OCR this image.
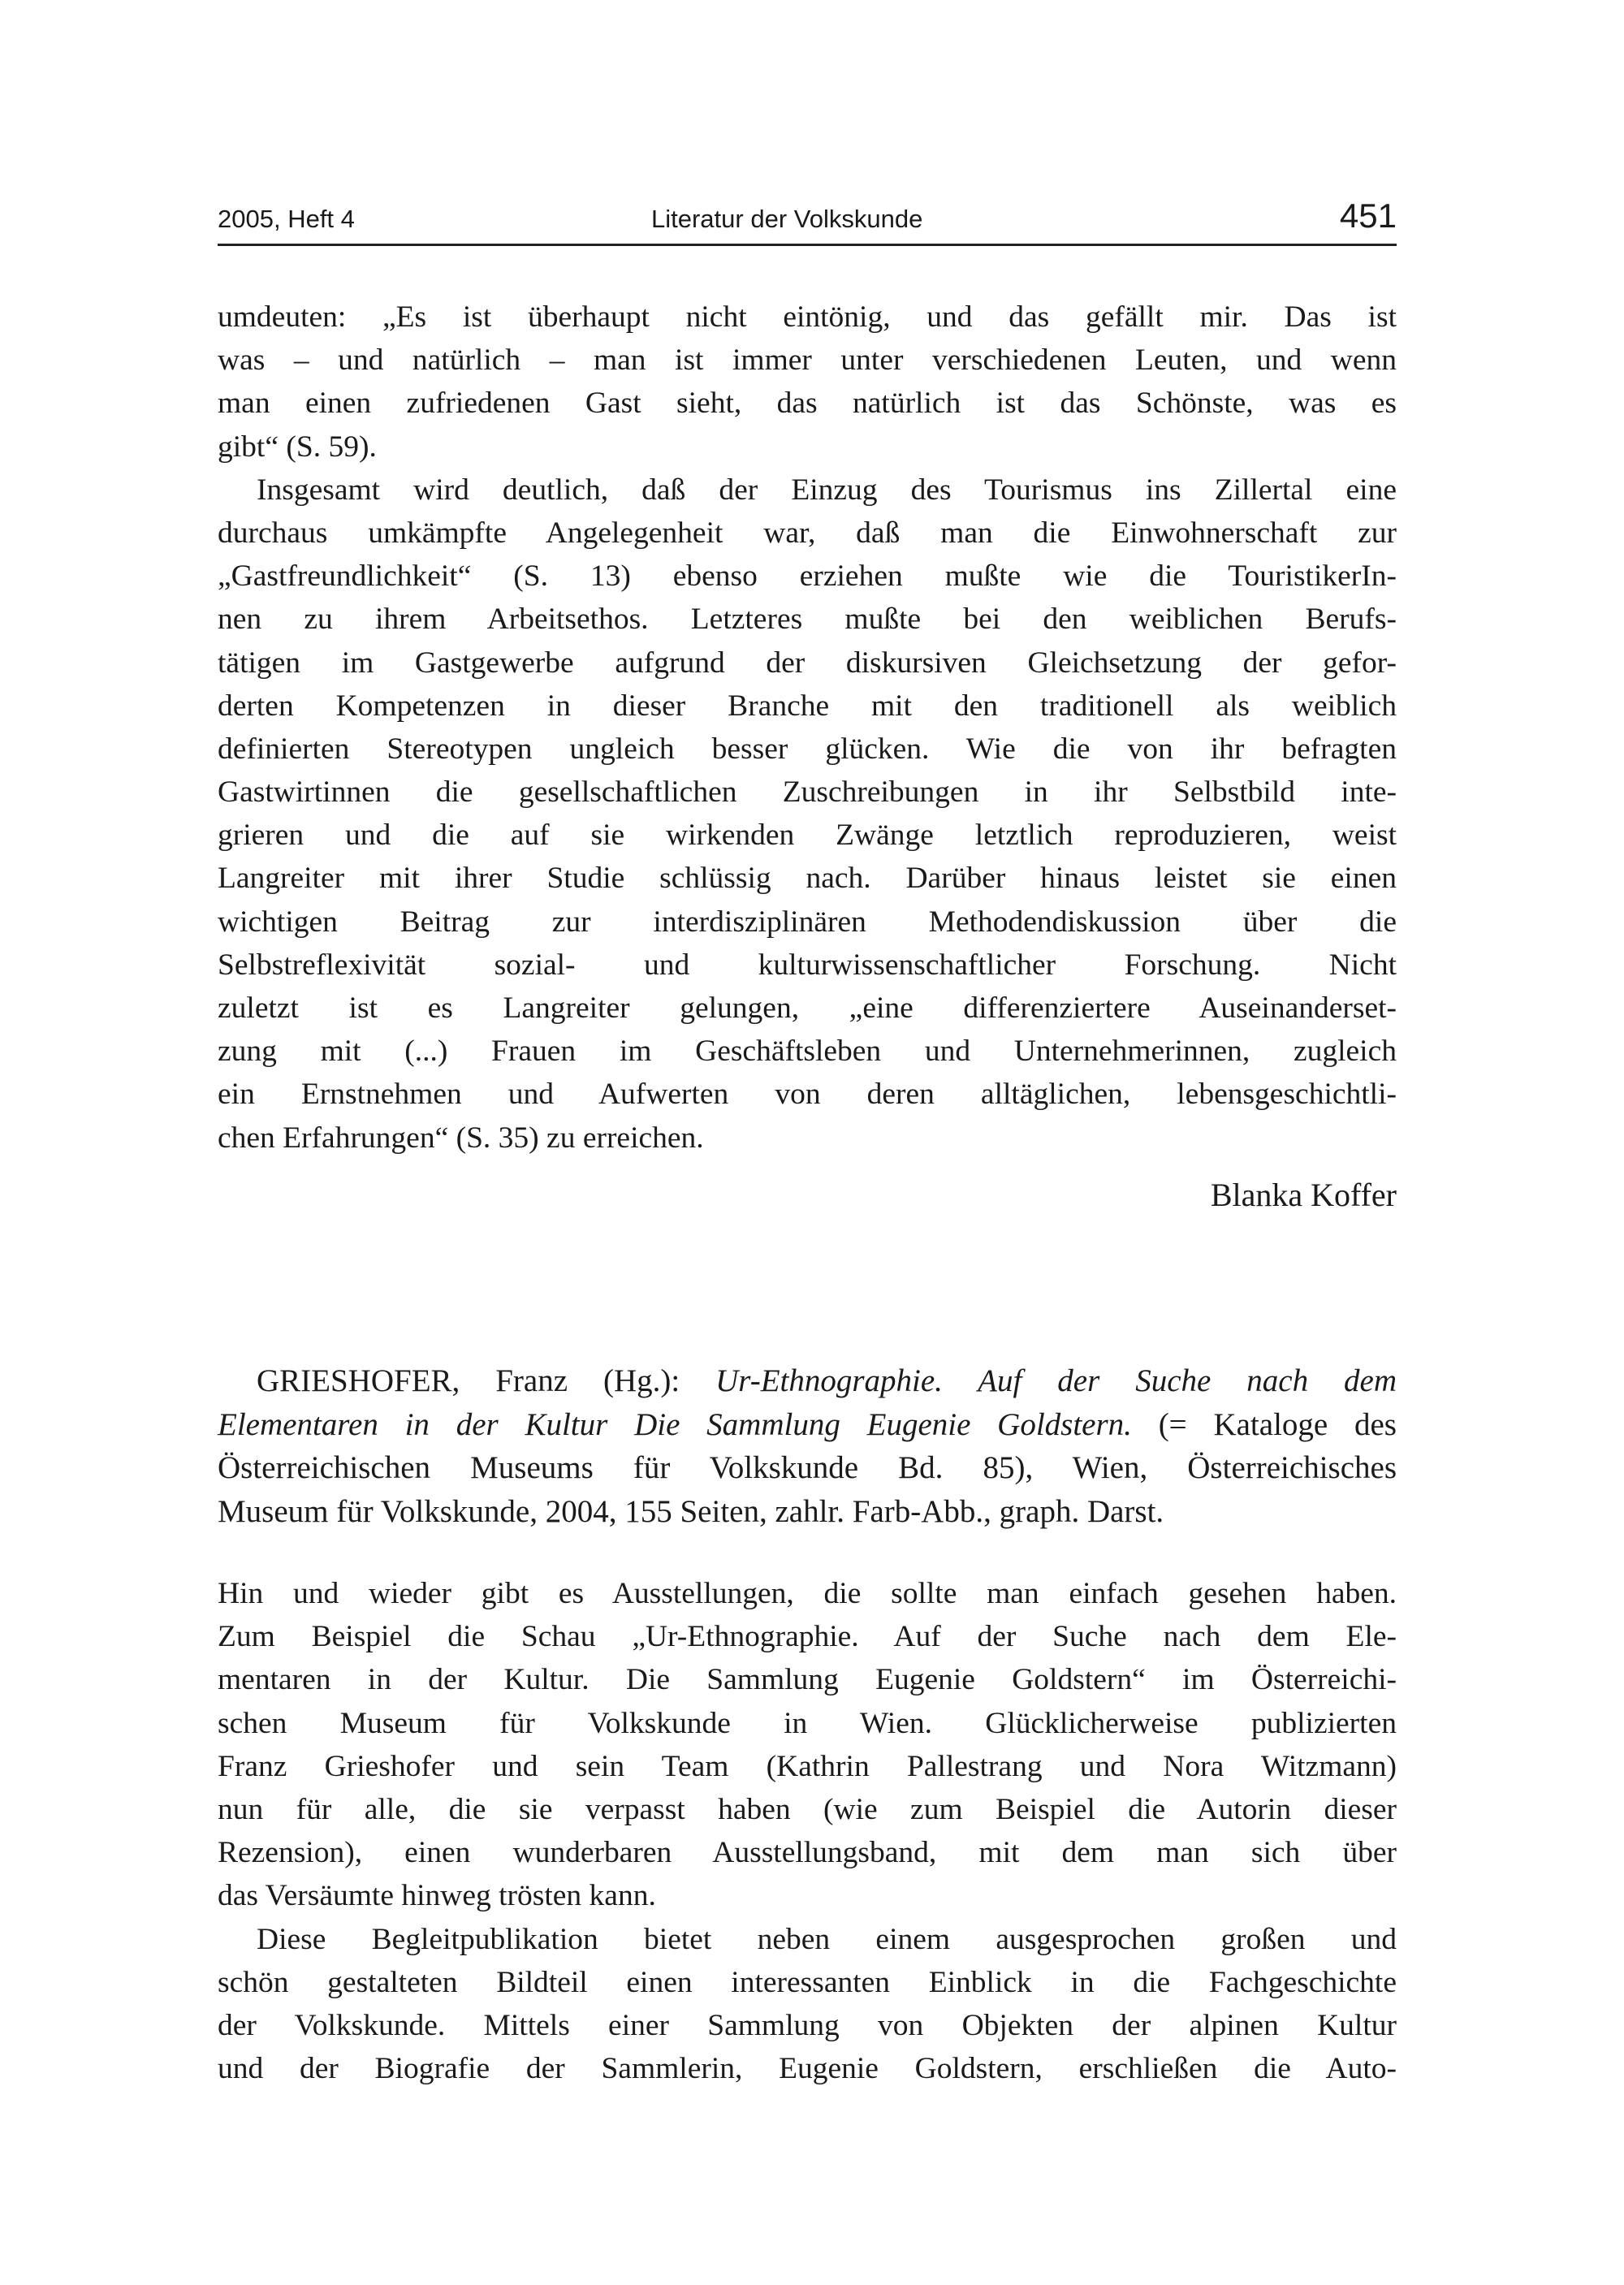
2005, Heft 4	Literatur der Volkskunde	451
umdeuten: „Es ist überhaupt nicht eintönig, und das gefällt mir. Das ist
was – und natürlich – man ist immer unter verschiedenen Leuten, und wenn
man einen zufriedenen Gast sieht, das natürlich ist das Schönste, was es
gibt“ (S. 59).
Insgesamt wird deutlich, daß der Einzug des Tourismus ins Zillertal eine
durchaus umkämpfte Angelegenheit war, daß man die Einwohnerschaft zur
„Gastfreundlichkeit“ (S. 13) ebenso erziehen mußte wie die TouristikerIn-
nen zu ihrem Arbeitsethos. Letzteres mußte bei den weiblichen Berufs-
tätigen im Gastgewerbe aufgrund der diskursiven Gleichsetzung der gefor-
derten Kompetenzen in dieser Branche mit den traditionell als weiblich
definierten Stereotypen ungleich besser glücken. Wie die von ihr befragten
Gastwirtinnen die gesellschaftlichen Zuschreibungen in ihr Selbstbild inte-
grieren und die auf sie wirkenden Zwänge letztlich reproduzieren, weist
Langreiter mit ihrer Studie schlüssig nach. Darüber hinaus leistet sie einen
wichtigen Beitrag zur interdisziplinären Methodendiskussion über die
Selbstreflexivität sozial- und kulturwissenschaftlicher Forschung. Nicht
zuletzt ist es Langreiter gelungen, „eine differenziertere Auseinanderset-
zung mit (...) Frauen im Geschäftsleben und Unternehmerinnen, zugleich
ein Ernstnehmen und Aufwerten von deren alltäglichen, lebensgeschichtli-
chen Erfahrungen“ (S. 35) zu erreichen.
Blanka Koffer
GRIESHOFER, Franz (Hg.): Ur-Ethnographie. Auf der Suche nach dem
Elementaren in der Kultur Die Sammlung Eugenie Goldstern. (= Kataloge des
Österreichischen Museums für Volkskunde Bd. 85), Wien, Österreichisches
Museum für Volkskunde, 2004, 155 Seiten, zahlr. Farb-Abb., graph. Darst.
Hin und wieder gibt es Ausstellungen, die sollte man einfach gesehen haben.
Zum Beispiel die Schau „Ur-Ethnographie. Auf der Suche nach dem Ele-
mentaren in der Kultur. Die Sammlung Eugenie Goldstern“ im Österreichi-
schen Museum für Volkskunde in Wien. Glücklicherweise publizierten
Franz Grieshofer und sein Team (Kathrin Pallestrang und Nora Witzmann)
nun für alle, die sie verpasst haben (wie zum Beispiel die Autorin dieser
Rezension), einen wunderbaren Ausstellungsband, mit dem man sich über
das Versäumte hinweg trösten kann.
Diese Begleitpublikation bietet neben einem ausgesprochen großen und
schön gestalteten Bildteil einen interessanten Einblick in die Fachgeschichte
der Volkskunde. Mittels einer Sammlung von Objekten der alpinen Kultur
und der Biografie der Sammlerin, Eugenie Goldstern, erschließen die Auto-
